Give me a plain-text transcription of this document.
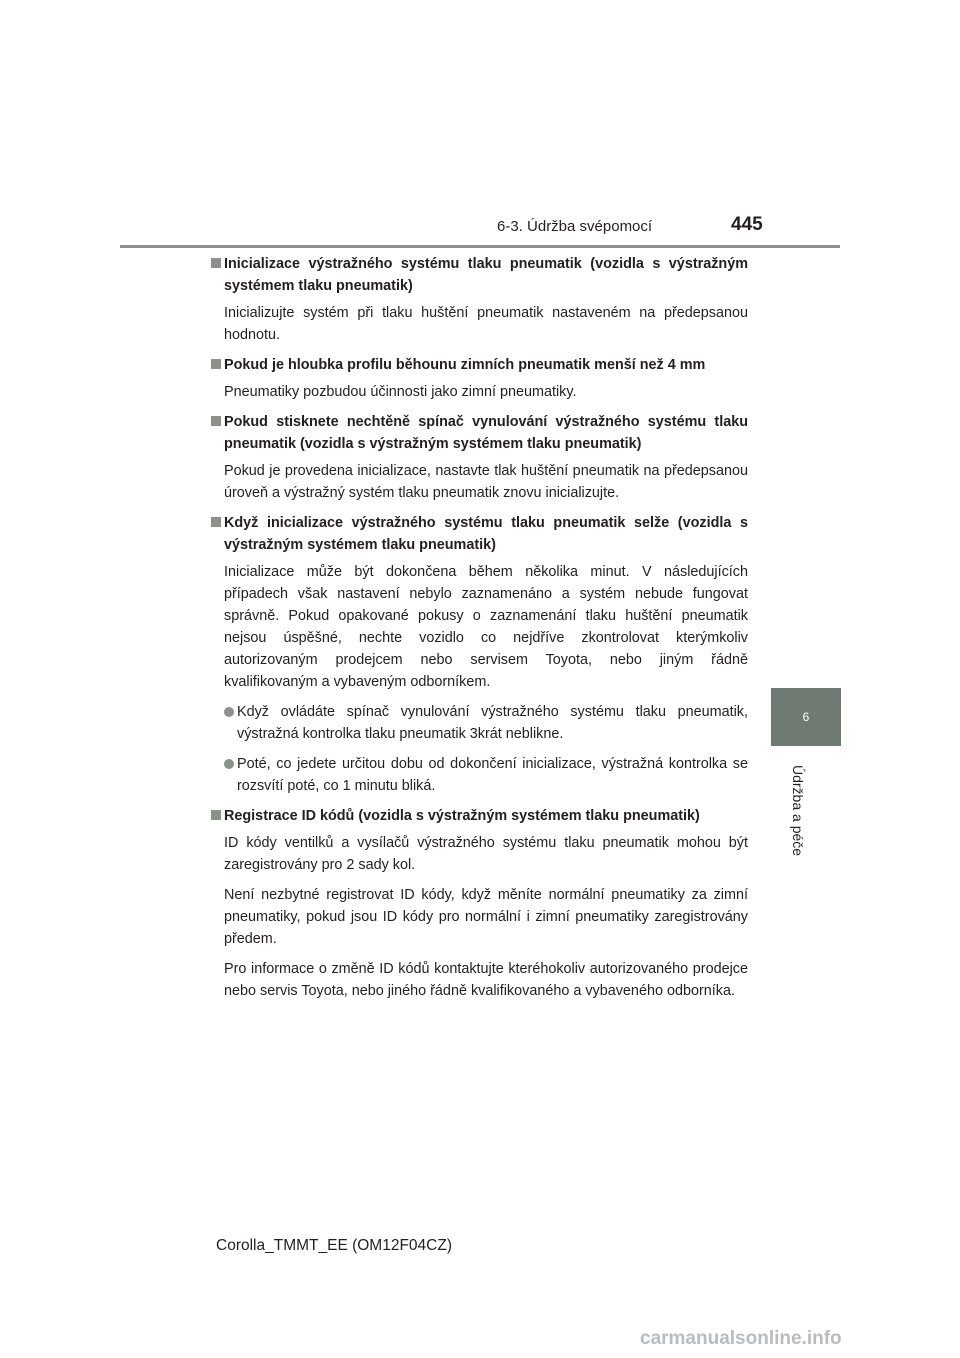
6-3. Údržba svépomocí	445
6
Údržba a péče
Inicializace výstražného systému tlaku pneumatik (vozidla s výstražným systémem tlaku pneumatik)
Inicializujte systém při tlaku huštění pneumatik nastaveném na předepsanou hodnotu.
Pokud je hloubka profilu běhounu zimních pneumatik menší než 4 mm
Pneumatiky pozbudou účinnosti jako zimní pneumatiky.
Pokud stisknete nechtěně spínač vynulování výstražného systému tlaku pneumatik (vozidla s výstražným systémem tlaku pneumatik)
Pokud je provedena inicializace, nastavte tlak huštění pneumatik na předepsanou úroveň a výstražný systém tlaku pneumatik znovu inicializujte.
Když inicializace výstražného systému tlaku pneumatik selže (vozidla s výstražným systémem tlaku pneumatik)
Inicializace může být dokončena během několika minut. V následujících případech však nastavení nebylo zaznamenáno a systém nebude fungovat správně. Pokud opakované pokusy o zaznamenání tlaku huštění pneumatik nejsou úspěšné, nechte vozidlo co nejdříve zkontrolovat kterýmkoliv autorizovaným prodejcem nebo servisem Toyota, nebo jiným řádně kvalifikovaným a vybaveným odborníkem.
Když ovládáte spínač vynulování výstražného systému tlaku pneumatik, výstražná kontrolka tlaku pneumatik 3krát neblikne.
Poté, co jedete určitou dobu od dokončení inicializace, výstražná kontrolka se rozsvítí poté, co 1 minutu bliká.
Registrace ID kódů (vozidla s výstražným systémem tlaku pneumatik)
ID kódy ventilků a vysílačů výstražného systému tlaku pneumatik mohou být zaregistrovány pro 2 sady kol.
Není nezbytné registrovat ID kódy, když měníte normální pneumatiky za zimní pneumatiky, pokud jsou ID kódy pro normální i zimní pneumatiky zaregistrovány předem.
Pro informace o změně ID kódů kontaktujte kteréhokoliv autorizovaného prodejce nebo servis Toyota, nebo jiného řádně kvalifikovaného a vybaveného odborníka.
Corolla_TMMT_EE (OM12F04CZ)
carmanualsonline.info
